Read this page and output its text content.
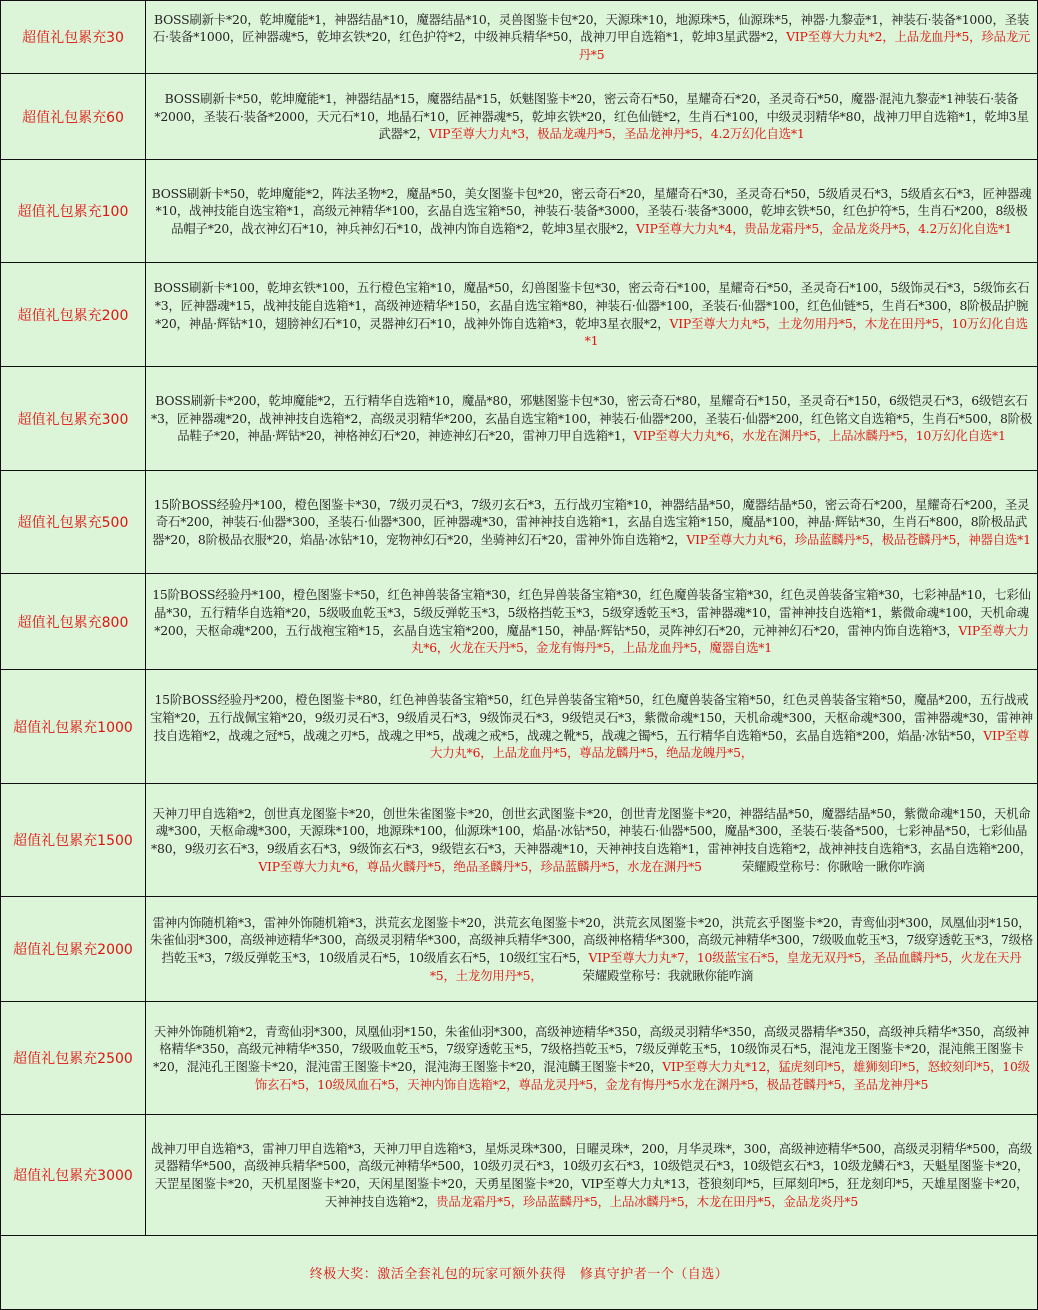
超值礼包累充30	BOSS刷新卡*20，乾坤魔能*1，神器结晶*10，魔器结晶*10，灵兽图鉴卡包*20，天源珠*10，地源珠*5，仙源珠*5，神器·九黎壶*1，神装石·装备*1000，圣装石·装备*1000，匠神器魂*5，乾坤玄铁*20，红色护符*2，中级神兵精华*50，战神刀甲自选箱*1，乾坤3星武器*2，VIP至尊大力丸*2，上品龙血丹*5，珍品龙元丹*5
超值礼包累充60	BOSS刷新卡*50，乾坤魔能*1，神器结晶*15，魔器结晶*15，妖魅图鉴卡*20，密云奇石*50，星耀奇石*20，圣灵奇石*50，魔器·混沌九黎壶*1神装石·装备*2000，圣装石·装备*2000，天元石*10，地晶石*10，匠神器魂*5，乾坤玄铁*20，红色仙链*2，生肖石*100，中级灵羽精华*80，战神刀甲自选箱*1，乾坤3星武器*2，VIP至尊大力丸*3，极品龙魂丹*5，圣品龙神丹*5，4.2万幻化自选*1
超值礼包累充100	BOSS刷新卡*50，乾坤魔能*2，阵法圣物*2，魔晶*50，美女图鉴卡包*20，密云奇石*20，星耀奇石*30，圣灵奇石*50，5级盾灵石*3，5级盾玄石*3，匠神器魂*10，战神技能自选宝箱*1，高级元神精华*100，玄晶自选宝箱*50，神装石·装备*3000，圣装石·装备*3000，乾坤玄铁*50，红色护符*5，生肖石*200，8级极品帽子*20，战衣神幻石*10，神兵神幻石*10，战神内饰自选箱*2，乾坤3星衣服*2，VIP至尊大力丸*4，贵品龙霜丹*5，金品龙炎丹*5，4.2万幻化自选*1
超值礼包累充200	BOSS刷新卡*100，乾坤玄铁*100，五行橙色宝箱*10，魔晶*50，幻兽图鉴卡包*30，密云奇石*100，星耀奇石*50，圣灵奇石*100，5级饰灵石*3，5级饰玄石*3，匠神器魂*15，战神技能自选箱*1，高级神迹精华*150，玄晶自选宝箱*80，神装石·仙器*100，圣装石·仙器*100，红色仙链*5，生肖石*300，8阶极品护腕*20，神晶·辉钻*10，翅膀神幻石*10，灵器神幻石*10，战神外饰自选箱*3，乾坤3星衣服*2，VIP至尊大力丸*5，土龙勿用丹*5，木龙在田丹*5，10万幻化自选*1
超值礼包累充300	BOSS刷新卡*200，乾坤魔能*2，五行精华自选箱*10，魔晶*80，邪魅图鉴卡包*30，密云奇石*80，星耀奇石*150，圣灵奇石*150，6级铠灵石*3，6级铠玄石*3，匠神器魂*20，战神神技自选箱*2，高级灵羽精华*200，玄晶自选宝箱*100，神装石·仙器*200，圣装石·仙器*200，红色铭文自选箱*5，生肖石*500，8阶极品鞋子*20，神晶·辉钻*20，神格神幻石*20，神迹神幻石*20，雷神刀甲自选箱*1，VIP至尊大力丸*6，水龙在渊丹*5，上品冰麟丹*5，10万幻化自选*1
超值礼包累充500	15阶BOSS经验丹*100，橙色图鉴卡*30，7级刃灵石*3，7级刃玄石*3，五行战刃宝箱*10，神器结晶*50，魔器结晶*50，密云奇石*200，星耀奇石*200，圣灵奇石*200，神装石·仙器*300，圣装石·仙器*300，匠神器魂*30，雷神神技自选箱*1，玄晶自选宝箱*150，魔晶*100，神晶·辉钻*30，生肖石*800，8阶极品武器*20，8阶极品衣服*20，焰晶·冰钻*10，宠物神幻石*20，坐骑神幻石*20，雷神外饰自选箱*2，VIP至尊大力丸*6，珍品蓝麟丹*5，极品苍麟丹*5，神器自选*1
超值礼包累充800	15阶BOSS经验丹*100，橙色图鉴卡*50，红色神兽装备宝箱*30，红色异兽装备宝箱*30，红色魔兽装备宝箱*30，红色灵兽装备宝箱*30，七彩神晶*10，七彩仙晶*30，五行精华自选箱*20，5级吸血乾玉*3，5级反弹乾玉*3，5级格挡乾玉*3，5级穿透乾玉*3，雷神器魂*10，雷神神技自选箱*1，紫微命魂*100，天机命魂*200，天枢命魂*200，五行战袍宝箱*15，玄晶自选宝箱*200，魔晶*150，神晶·辉钻*50，灵阵神幻石*20，元神神幻石*20，雷神内饰自选箱*3，VIP至尊大力丸*6，火龙在天丹*5，金龙有悔丹*5，上品龙血丹*5，魔器自选*1
超值礼包累充1000	15阶BOSS经验丹*200，橙色图鉴卡*80，红色神兽装备宝箱*50，红色异兽装备宝箱*50，红色魔兽装备宝箱*50，红色灵兽装备宝箱*50，魔晶*200，五行战戒宝箱*20，五行战佩宝箱*20，9级刃灵石*3，9级盾灵石*3，9级饰灵石*3，9级铠灵石*3，紫微命魂*150，天机命魂*300，天枢命魂*300，雷神器魂*30，雷神神技自选箱*2，战魂之冠*5，战魂之刃*5，战魂之甲*5，战魂之戒*5，战魂之靴*5，战魂之镯*5，五行精华自选箱*50，玄晶自选箱*200，焰晶·冰钻*50，VIP至尊大力丸*6，上品龙血丹*5，尊品龙麟丹*5，绝品龙魄丹*5，
超值礼包累充1500	天神刀甲自选箱*2，创世真龙图鉴卡*20，创世朱雀图鉴卡*20，创世玄武图鉴卡*20，创世青龙图鉴卡*20，神器结晶*50，魔器结晶*50，紫微命魂*150，天机命魂*300，天枢命魂*300，天源珠*100，地源珠*100，仙源珠*100，焰晶·冰钻*50，神装石·仙器*500，魔晶*300，圣装石·装备*500，七彩神晶*50，七彩仙晶*80，9级刃玄石*3，9级盾玄石*3，9级饰玄石*3，9级铠玄石*3，天神器魂*10，天神神技自选箱*1，雷神神技自选箱*2，战神神技自选箱*3，玄晶自选箱*200，VIP至尊大力丸*6，尊品火麟丹*5，绝品圣麟丹*5，珍品蓝麟丹*5，水龙在渊丹*5 荣耀殿堂称号：你瞅啥一瞅你咋滴
超值礼包累充2000	雷神内饰随机箱*3，雷神外饰随机箱*3，洪荒玄龙图鉴卡*20，洪荒玄龟图鉴卡*20，洪荒玄凤图鉴卡*20，洪荒玄乎图鉴卡*20，青鸾仙羽*300，凤凰仙羽*150，朱雀仙羽*300，高级神迹精华*300，高级灵羽精华*300，高级神兵精华*300，高级神格精华*300，高级元神精华*300，7级吸血乾玉*3，7级穿透乾玉*3，7级格挡乾玉*3，7级反弹乾玉*3，10级盾灵石*5，10级盾玄石*5，10级红宝石*5，VIP至尊大力丸*7，10级蓝宝石*5，皇龙无双丹*5，圣品血麟丹*5，火龙在天丹*5，土龙勿用丹*5， 荣耀殿堂称号：我就瞅你能咋滴
超值礼包累充2500	天神外饰随机箱*2，青鸾仙羽*300，凤凰仙羽*150，朱雀仙羽*300，高级神迹精华*350，高级灵羽精华*350，高级灵器精华*350，高级神兵精华*350，高级神格精华*350，高级元神精华*350，7级吸血乾玉*5，7级穿透乾玉*5，7级格挡乾玉*5，7级反弹乾玉*5，10级饰灵石*5，混沌龙王图鉴卡*20，混沌熊王图鉴卡*20，混沌孔王图鉴卡*20，混沌雷王图鉴卡*20，混沌海王图鉴卡*20，混沌麟王图鉴卡*20，VIP至尊大力丸*12，猛虎刻印*5，雄狮刻印*5，怒蛟刻印*5，10级饰玄石*5，10级凤血石*5，天神内饰自选箱*2，尊品龙灵丹*5，金龙有悔丹*5水龙在渊丹*5，极品苍麟丹*5，圣品龙神丹*5
超值礼包累充3000	战神刀甲自选箱*3，雷神刀甲自选箱*3，天神刀甲自选箱*3，星烁灵珠*300，日曜灵珠*，200，月华灵珠*，300，高级神迹精华*500，高级灵羽精华*500，高级灵器精华*500，高级神兵精华*500，高级元神精华*500，10级刃灵石*3，10级刃玄石*3，10级铠灵石*3，10级铠玄石*3，10级龙鳞石*3，天魁星图鉴卡*20，天罡星图鉴卡*20，天机星图鉴卡*20，天闲星图鉴卡*20，天勇星图鉴卡*20，VIP至尊大力丸*13，苍狼刻印*5，巨犀刻印*5，狂龙刻印*5，天雄星图鉴卡*20，天神神技自选箱*2，贵品龙霜丹*5，珍品蓝麟丹*5，上品冰麟丹*5，木龙在田丹*5，金品龙炎丹*5
终极大奖：激活全套礼包的玩家可额外获得　修真守护者一个（自选）	
